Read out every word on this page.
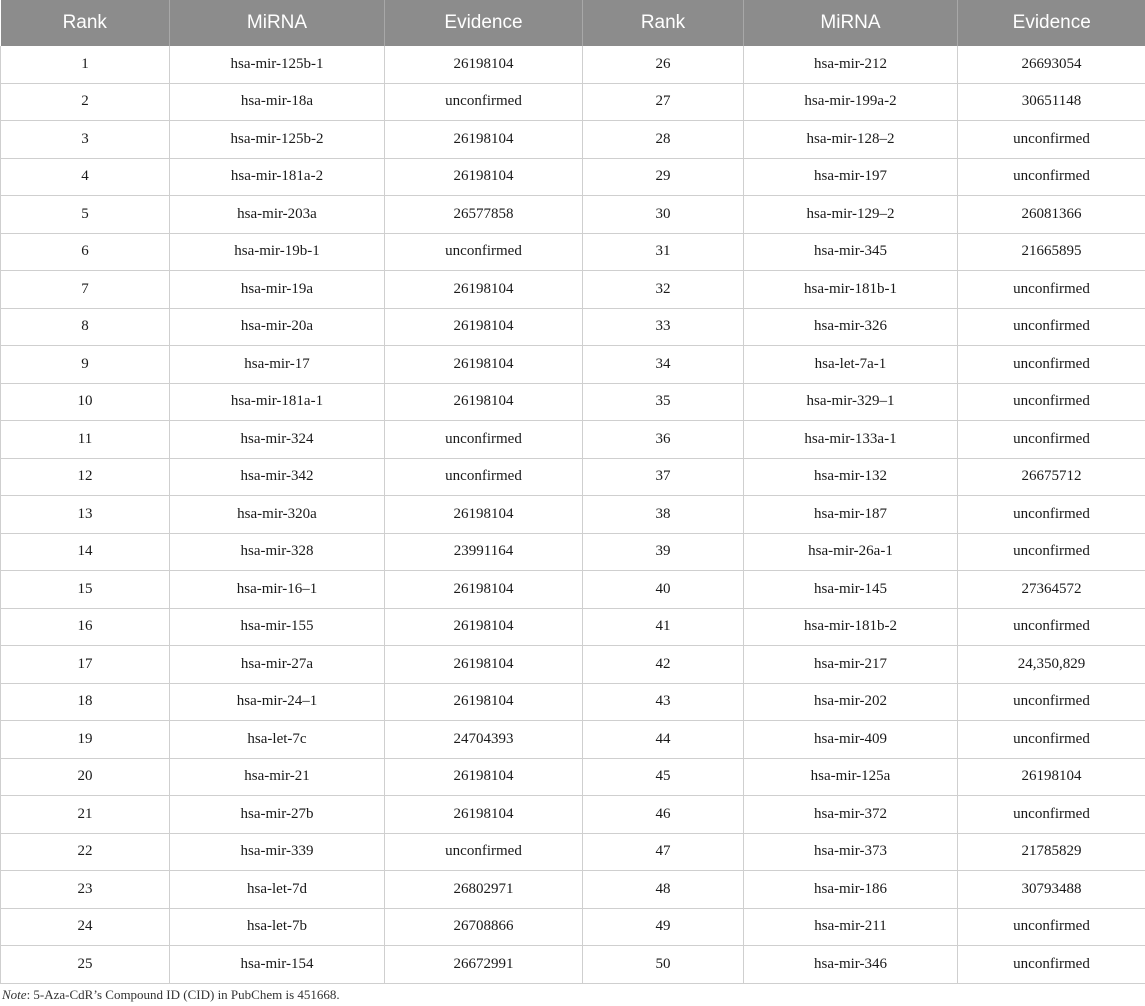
Rank	MiRNA	Evidence	Rank	MiRNA	Evidence
1	hsa-mir-125b-1	26198104	26	hsa-mir-212	26693054
2	hsa-mir-18a	unconfirmed	27	hsa-mir-199a-2	30651148
3	hsa-mir-125b-2	26198104	28	hsa-mir-128–2	unconfirmed
4	hsa-mir-181a-2	26198104	29	hsa-mir-197	unconfirmed
5	hsa-mir-203a	26577858	30	hsa-mir-129–2	26081366
6	hsa-mir-19b-1	unconfirmed	31	hsa-mir-345	21665895
7	hsa-mir-19a	26198104	32	hsa-mir-181b-1	unconfirmed
8	hsa-mir-20a	26198104	33	hsa-mir-326	unconfirmed
9	hsa-mir-17	26198104	34	hsa-let-7a-1	unconfirmed
10	hsa-mir-181a-1	26198104	35	hsa-mir-329–1	unconfirmed
11	hsa-mir-324	unconfirmed	36	hsa-mir-133a-1	unconfirmed
12	hsa-mir-342	unconfirmed	37	hsa-mir-132	26675712
13	hsa-mir-320a	26198104	38	hsa-mir-187	unconfirmed
14	hsa-mir-328	23991164	39	hsa-mir-26a-1	unconfirmed
15	hsa-mir-16–1	26198104	40	hsa-mir-145	27364572
16	hsa-mir-155	26198104	41	hsa-mir-181b-2	unconfirmed
17	hsa-mir-27a	26198104	42	hsa-mir-217	24,350,829
18	hsa-mir-24–1	26198104	43	hsa-mir-202	unconfirmed
19	hsa-let-7c	24704393	44	hsa-mir-409	unconfirmed
20	hsa-mir-21	26198104	45	hsa-mir-125a	26198104
21	hsa-mir-27b	26198104	46	hsa-mir-372	unconfirmed
22	hsa-mir-339	unconfirmed	47	hsa-mir-373	21785829
23	hsa-let-7d	26802971	48	hsa-mir-186	30793488
24	hsa-let-7b	26708866	49	hsa-mir-211	unconfirmed
25	hsa-mir-154	26672991	50	hsa-mir-346	unconfirmed
Note: 5-Aza-CdR’s Compound ID (CID) in PubChem is 451668.
